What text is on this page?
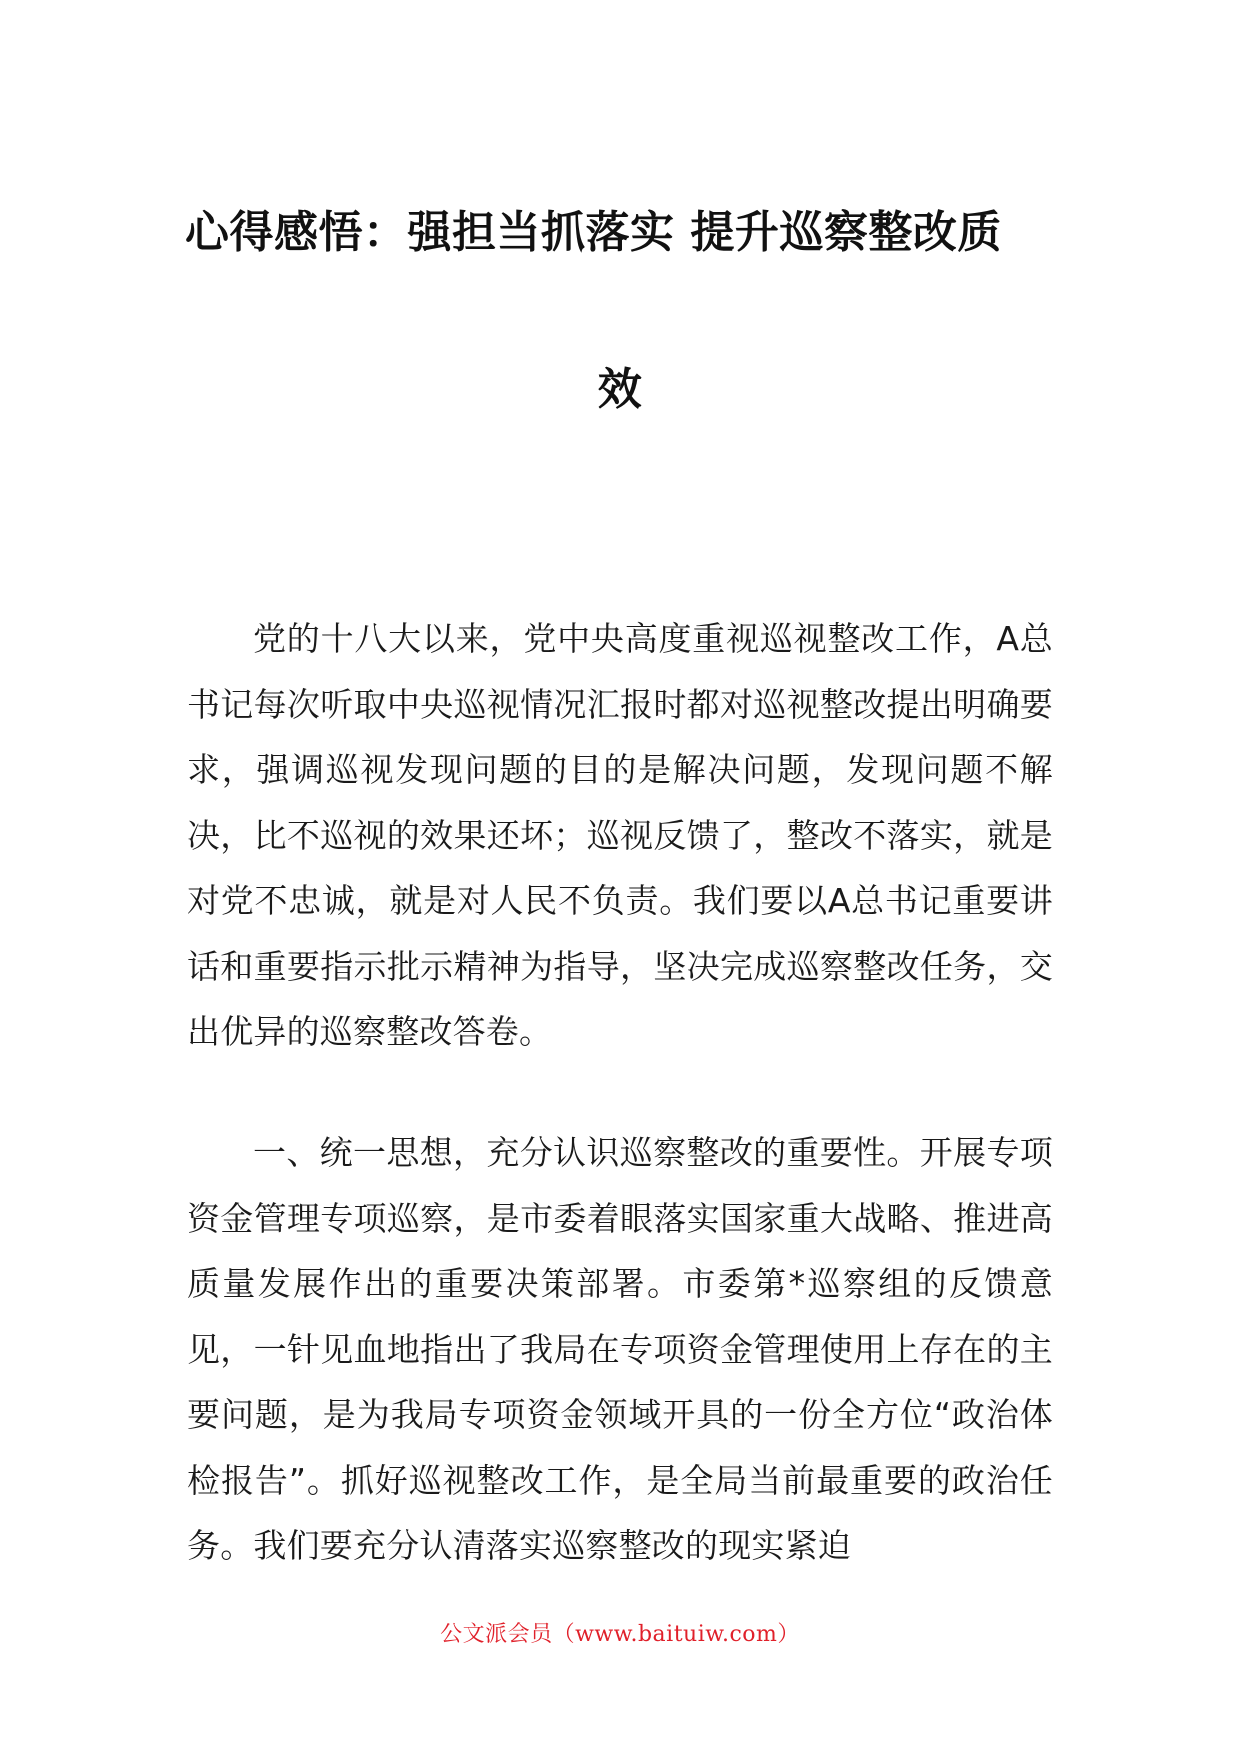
心得感悟：强担当抓落实 提升巡察整改质
效

党的十八大以来，党中央高度重视巡视整改工作，A总书记每次听取中央巡视情况汇报时都对巡视整改提出明确要求，强调巡视发现问题的目的是解决问题，发现问题不解决，比不巡视的效果还坏；巡视反馈了，整改不落实，就是对党不忠诚，就是对人民不负责。我们要以A总书记重要讲话和重要指示批示精神为指导，坚决完成巡察整改任务，交出优异的巡察整改答卷。

一、统一思想，充分认识巡察整改的重要性。开展专项资金管理专项巡察，是市委着眼落实国家重大战略、推进高质量发展作出的重要决策部署。市委第*巡察组的反馈意见，一针见血地指出了我局在专项资金管理使用上存在的主要问题，是为我局专项资金领域开具的一份全方位“政治体检报告”。抓好巡视整改工作，是全局当前最重要的政治任务。我们要充分认清落实巡察整改的现实紧迫

公文派会员（www.baituiw.com）
